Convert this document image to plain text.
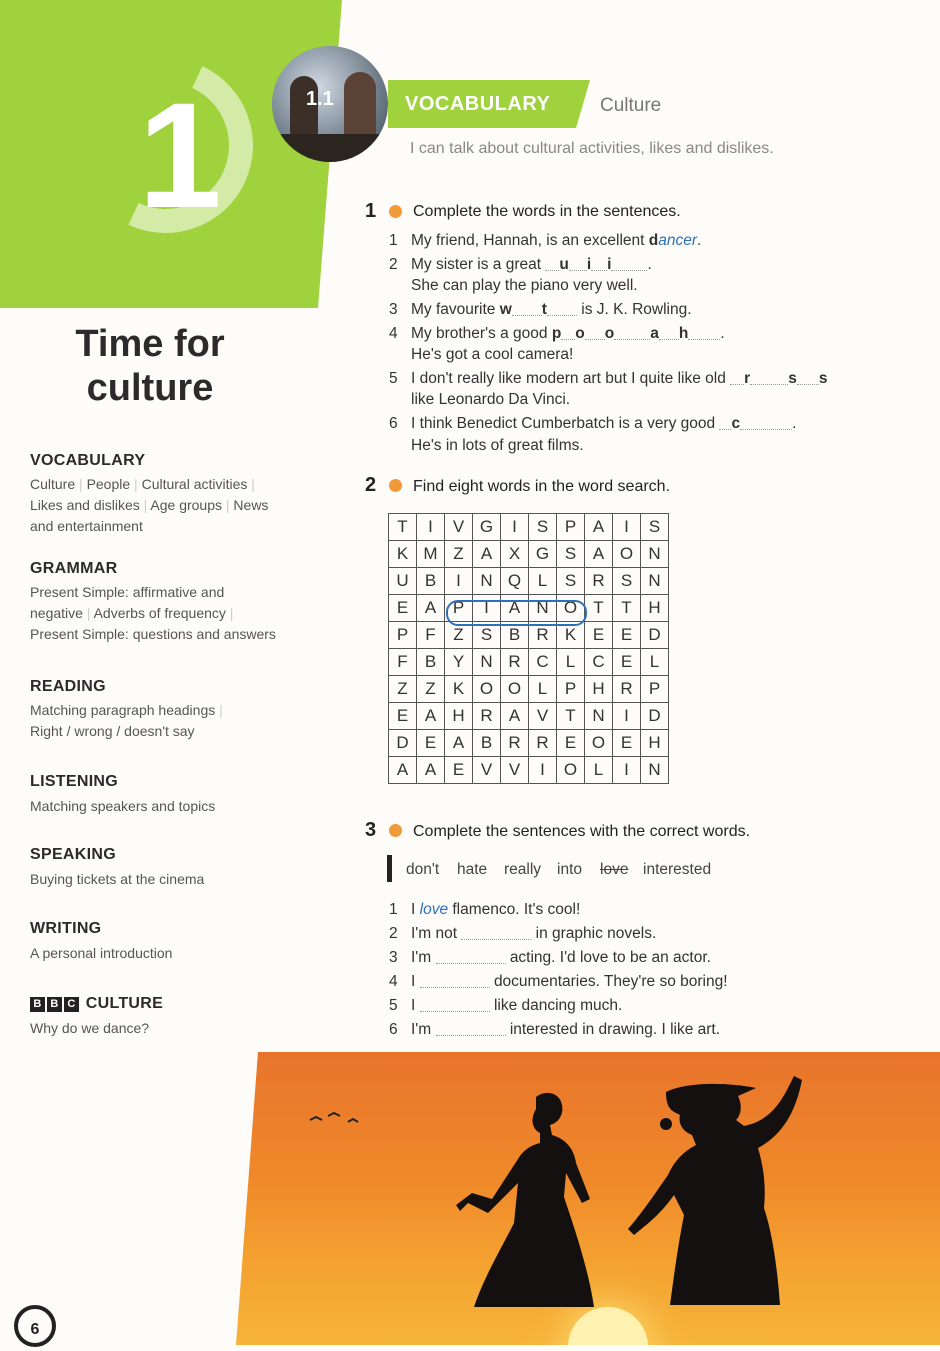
1
Time for
culture
VOCABULARY
Culture | People | Cultural activities |
Likes and dislikes | Age groups | News
and entertainment
GRAMMAR
Present Simple: affirmative and
negative | Adverbs of frequency |
Present Simple: questions and answers
READING
Matching paragraph headings |
Right / wrong / doesn't say
LISTENING
Matching speakers and topics
SPEAKING
Buying tickets at the cinema
WRITING
A personal introduction
B B C CULTURE
Why do we dance?
6
1.1	VOCABULARY	Culture
I can talk about cultural activities, likes and dislikes.
1 Complete the words in the sentences.
1 My friend, Hannah, is an excellent dancer.
2 My sister is a great u i i .
She can play the piano very well.
3 My favourite w t is J. K. Rowling.
4 My brother's a good p o o a h .
He's got a cool camera!
5 I don't really like modern art but I quite like old r s s
like Leonardo Da Vinci.
6 I think Benedict Cumberbatch is a very good c	.
He's in lots of great films.
2 Find eight words in the word search.
T	I	V	G	I	S	P	A	I	S
K	M	Z	A	X	G	S	A	O	N
U	B	I	N	Q	L	S	R	S	N
E	A	P	I	A	N	O	T	T	H
P	F	Z	S	B	R	K	E	E	D
F	B	Y	N	R	C	L	C	E	L
Z	Z	K	O	O	L	P	H	R	P
E	A	H	R	A	V	T	N	I	D
D	E	A	B	R	R	E	O	E	H
A	A	E	V	V	I	O	L	I	N
3 Complete the sentences with the correct words.
don't hate really into love interested
1 I love flamenco. It's cool!
2 I'm not	in graphic novels.
3 I'm	acting. I'd love to be an actor.
4 I	documentaries. They're so boring!
5 I	like dancing much.
6 I'm	interested in drawing. I like art.
